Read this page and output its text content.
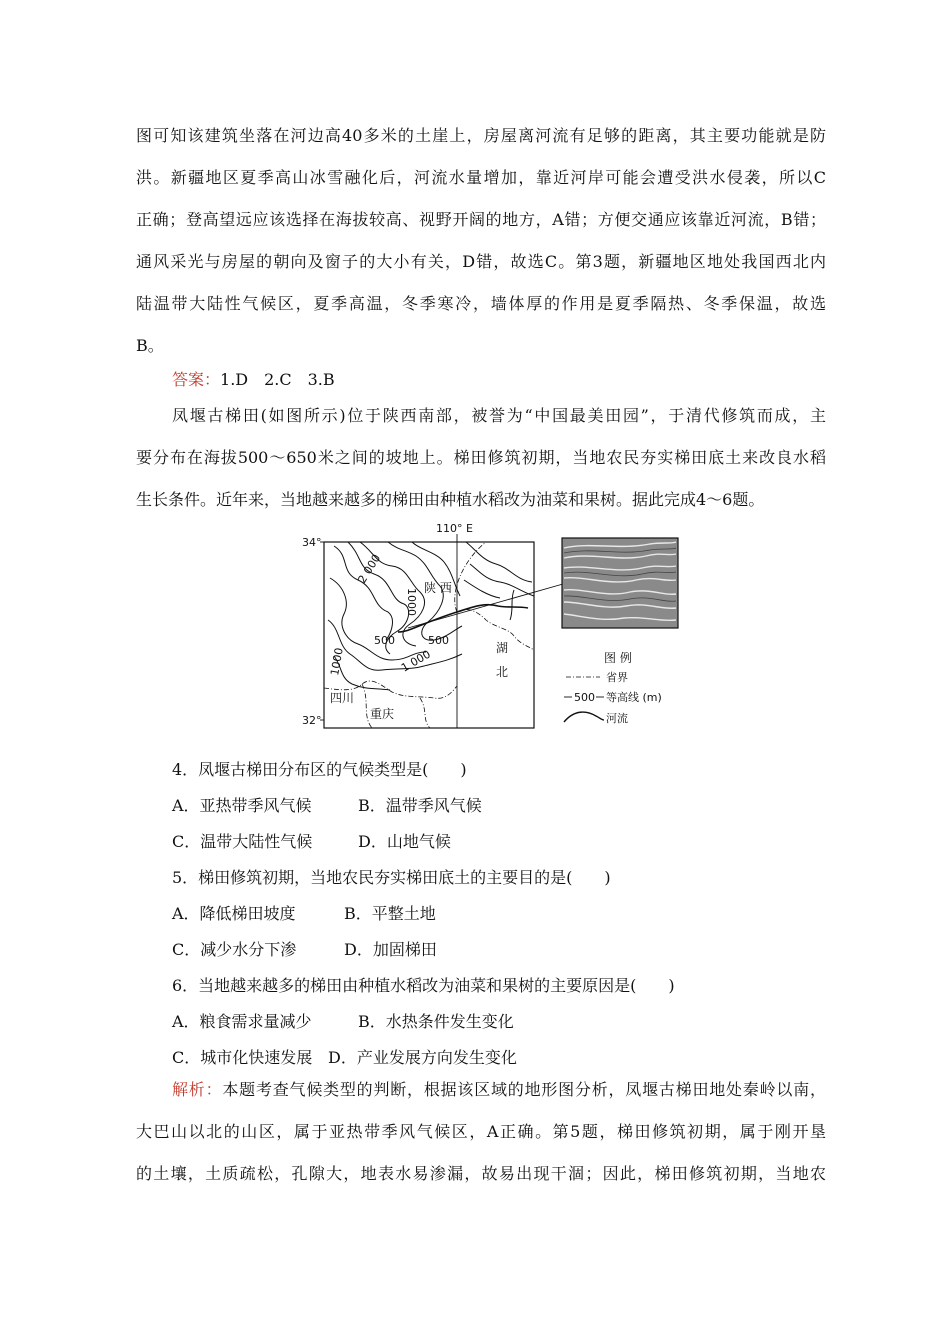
图可知该建筑坐落在河边高40多米的土崖上，房屋离河流有足够的距离，其主要功能就是防
洪。新疆地区夏季高山冰雪融化后，河流水量增加，靠近河岸可能会遭受洪水侵袭，所以C
正确；登高望远应该选择在海拔较高、视野开阔的地方，A错；方便交通应该靠近河流，B错；
通风采光与房屋的朝向及窗子的大小有关，D错，故选C。第3题，新疆地区地处我国西北内
陆温带大陆性气候区，夏季高温，冬季寒冷，墙体厚的作用是夏季隔热、冬季保温，故选
B。
答案：1.D　2.C　3.B
凤堰古梯田(如图所示)位于陕西南部，被誉为“中国最美田园”，于清代修筑而成，主
要分布在海拔500～650米之间的坡地上。梯田修筑初期，当地农民夯实梯田底土来改良水稻
生长条件。近年来，当地越来越多的梯田由种植水稻改为油菜和果树。据此完成4～6题。
110° E
34°
32°
2 000
1000
500	500
1 000
1000
陕 西
湖
北
四川
重庆
图 例
省界
500 等高线 (m)
河流
4．凤堰古梯田分布区的气候类型是(　　)
A．亚热带季风气候	B．温带季风气候
C．温带大陆性气候	D．山地气候
5．梯田修筑初期，当地农民夯实梯田底土的主要目的是(　　)
A．降低梯田坡度	B．平整土地
C．减少水分下渗	D．加固梯田
6．当地越来越多的梯田由种植水稻改为油菜和果树的主要原因是(　　)
A．粮食需求量减少	B．水热条件发生变化
C．城市化快速发展 D．产业发展方向发生变化
解析：本题考查气候类型的判断，根据该区域的地形图分析，凤堰古梯田地处秦岭以南，
大巴山以北的山区，属于亚热带季风气候区，A正确。第5题，梯田修筑初期，属于刚开垦
的土壤，土质疏松，孔隙大，地表水易渗漏，故易出现干涸；因此，梯田修筑初期，当地农
